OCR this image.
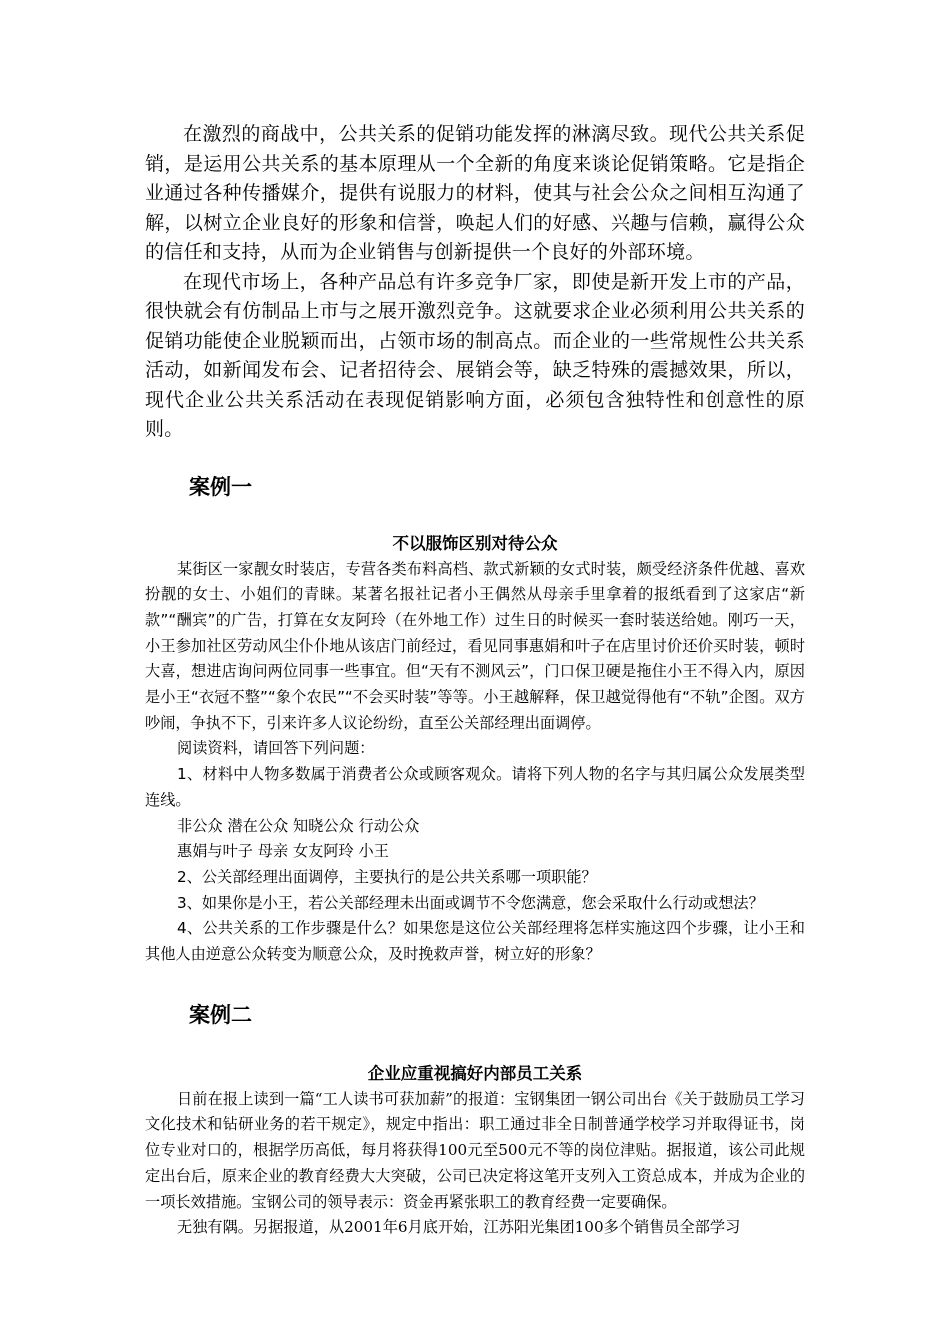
在激烈的商战中，公共关系的促销功能发挥的淋漓尽致。现代公共关系促销，是运用公共关系的基本原理从一个全新的角度来谈论促销策略。它是指企业通过各种传播媒介，提供有说服力的材料，使其与社会公众之间相互沟通了解，以树立企业良好的形象和信誉，唤起人们的好感、兴趣与信赖，赢得公众的信任和支持，从而为企业销售与创新提供一个良好的外部环境。

在现代市场上，各种产品总有许多竞争厂家，即使是新开发上市的产品，很快就会有仿制品上市与之展开激烈竞争。这就要求企业必须利用公共关系的促销功能使企业脱颖而出，占领市场的制高点。而企业的一些常规性公共关系活动，如新闻发布会、记者招待会、展销会等，缺乏特殊的震撼效果，所以，现代企业公共关系活动在表现促销影响方面，必须包含独特性和创意性的原则。

案例一
不以服饰区别对待公众

某街区一家靓女时装店，专营各类布料高档、款式新颖的女式时装，颇受经济条件优越、喜欢扮靓的女士、小姐们的青睐。某著名报社记者小王偶然从母亲手里拿着的报纸看到了这家店“新款”“酬宾”的广告，打算在女友阿玲（在外地工作）过生日的时候买一套时装送给她。刚巧一天，小王参加社区劳动风尘仆仆地从该店门前经过，看见同事惠娟和叶子在店里讨价还价买时装，顿时大喜，想进店询问两位同事一些事宜。但“天有不测风云”，门口保卫硬是拖住小王不得入内，原因是小王“衣冠不整”“象个农民”“不会买时装”等等。小王越解释，保卫越觉得他有“不轨”企图。双方吵闹，争执不下，引来许多人议论纷纷，直至公关部经理出面调停。

阅读资料，请回答下列问题：

1、材料中人物多数属于消费者公众或顾客观众。请将下列人物的名字与其归属公众发展类型连线。

非公众 潜在公众 知晓公众 行动公众

惠娟与叶子 母亲 女友阿玲 小王

2、公关部经理出面调停，主要执行的是公共关系哪一项职能？

3、如果你是小王，若公关部经理未出面或调节不令您满意，您会采取什么行动或想法？

4、公共关系的工作步骤是什么？如果您是这位公关部经理将怎样实施这四个步骤，让小王和其他人由逆意公众转变为顺意公众，及时挽救声誉，树立好的形象？

案例二
企业应重视搞好内部员工关系

日前在报上读到一篇“工人读书可获加薪”的报道：宝钢集团一钢公司出台《关于鼓励员工学习文化技术和钻研业务的若干规定》，规定中指出：职工通过非全日制普通学校学习并取得证书，岗位专业对口的，根据学历高低，每月将获得100元至500元不等的岗位津贴。据报道，该公司此规定出台后，原来企业的教育经费大大突破，公司已决定将这笔开支列入工资总成本，并成为企业的一项长效措施。宝钢公司的领导表示：资金再紧张职工的教育经费一定要确保。

无独有隅。另据报道，从2001年6月底开始，江苏阳光集团100多个销售员全部学习
